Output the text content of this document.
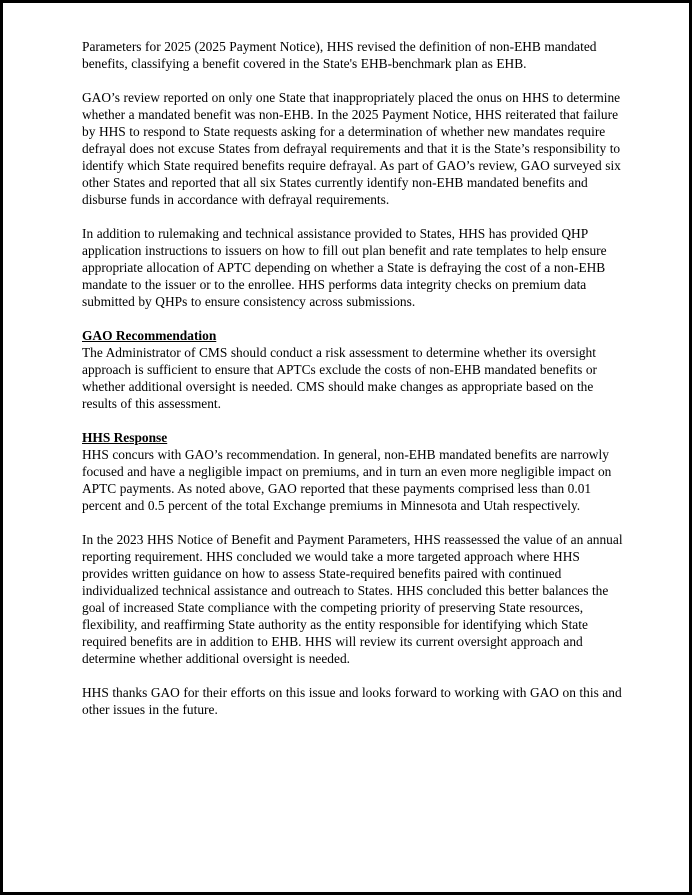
Parameters for 2025 (2025 Payment Notice), HHS revised the definition of non-EHB mandated benefits, classifying a benefit covered in the State's EHB-benchmark plan as EHB.

GAO’s review reported on only one State that inappropriately placed the onus on HHS to determine whether a mandated benefit was non-EHB. In the 2025 Payment Notice, HHS reiterated that failure by HHS to respond to State requests asking for a determination of whether new mandates require defrayal does not excuse States from defrayal requirements and that it is the State’s responsibility to identify which State required benefits require defrayal. As part of GAO’s review, GAO surveyed six other States and reported that all six States currently identify non-EHB mandated benefits and disburse funds in accordance with defrayal requirements.

In addition to rulemaking and technical assistance provided to States, HHS has provided QHP application instructions to issuers on how to fill out plan benefit and rate templates to help ensure appropriate allocation of APTC depending on whether a State is defraying the cost of a non-EHB mandate to the issuer or to the enrollee. HHS performs data integrity checks on premium data submitted by QHPs to ensure consistency across submissions.

GAO Recommendation

The Administrator of CMS should conduct a risk assessment to determine whether its oversight approach is sufficient to ensure that APTCs exclude the costs of non-EHB mandated benefits or whether additional oversight is needed. CMS should make changes as appropriate based on the results of this assessment.

HHS Response

HHS concurs with GAO’s recommendation. In general, non-EHB mandated benefits are narrowly focused and have a negligible impact on premiums, and in turn an even more negligible impact on APTC payments. As noted above, GAO reported that these payments comprised less than 0.01 percent and 0.5 percent of the total Exchange premiums in Minnesota and Utah respectively.

In the 2023 HHS Notice of Benefit and Payment Parameters, HHS reassessed the value of an annual reporting requirement. HHS concluded we would take a more targeted approach where HHS provides written guidance on how to assess State-required benefits paired with continued individualized technical assistance and outreach to States. HHS concluded this better balances the goal of increased State compliance with the competing priority of preserving State resources, flexibility, and reaffirming State authority as the entity responsible for identifying which State required benefits are in addition to EHB. HHS will review its current oversight approach and determine whether additional oversight is needed.

HHS thanks GAO for their efforts on this issue and looks forward to working with GAO on this and other issues in the future.
